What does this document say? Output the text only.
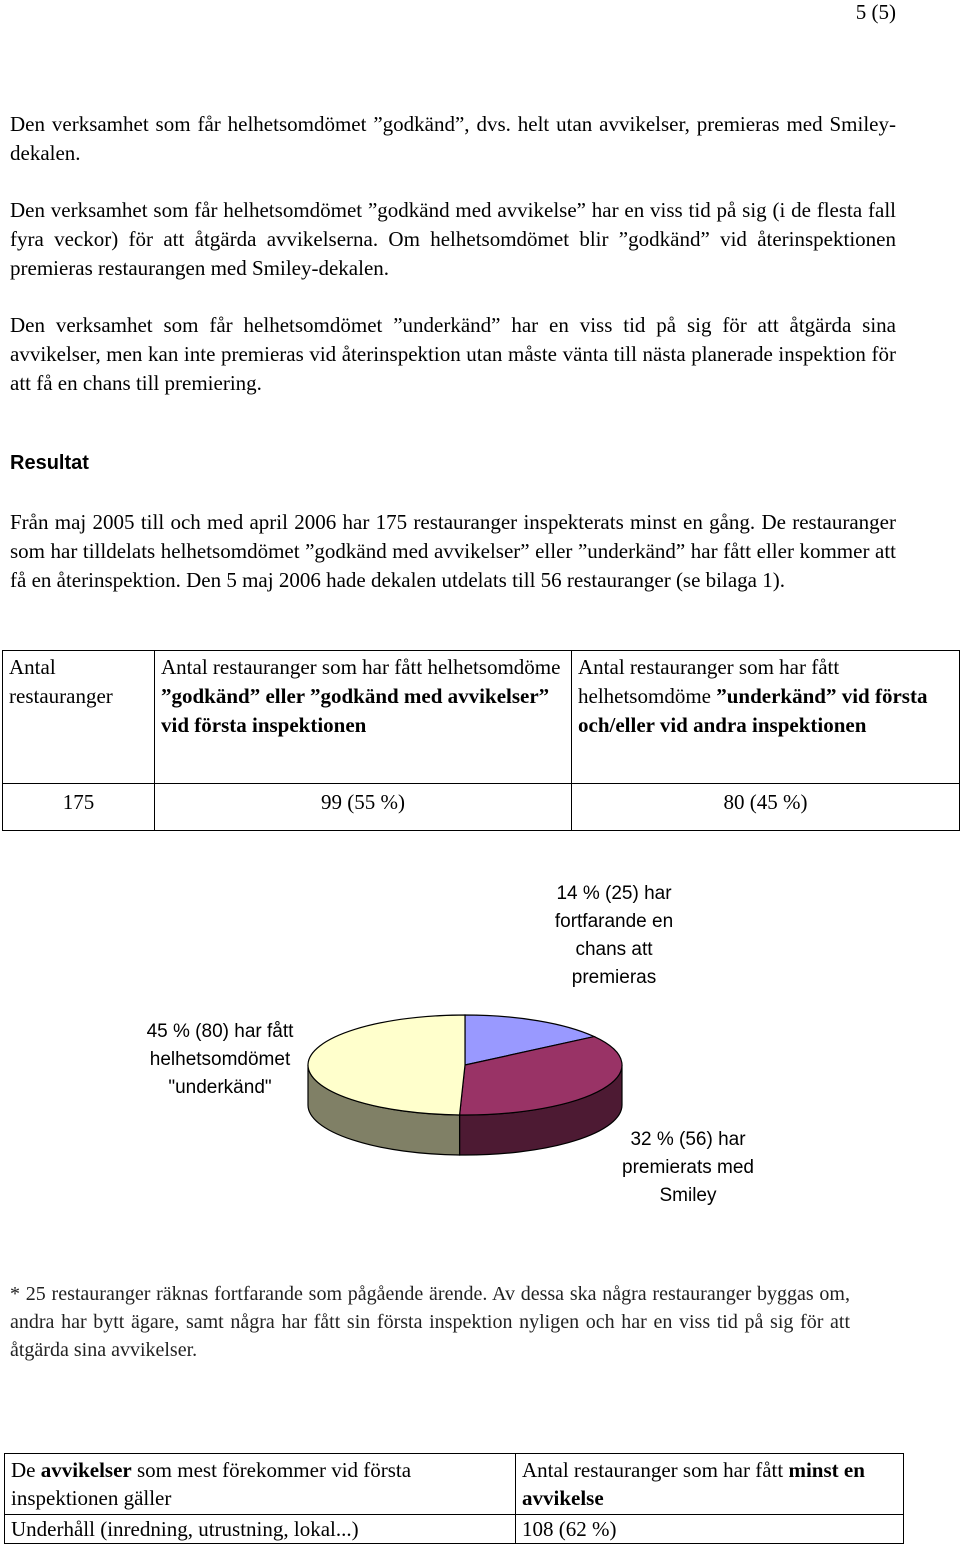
5 (5)
Den verksamhet som får helhetsomdömet ”godkänd”, dvs. helt utan avvikelser, premieras med Smiley-dekalen.
Den verksamhet som får helhetsomdömet ”godkänd med avvikelse” har en viss tid på sig (i de flesta fall fyra veckor) för att åtgärda avvikelserna. Om helhetsomdömet blir ”godkänd” vid återinspektionen premieras restaurangen med Smiley-dekalen.
Den verksamhet som får helhetsomdömet ”underkänd” har en viss tid på sig för att åtgärda sina avvikelser, men kan inte premieras vid återinspektion utan måste vänta till nästa planerade inspektion för att få en chans till premiering.
Resultat
Från maj 2005 till och med april 2006 har 175 restauranger inspekterats minst en gång. De restauranger som har tilldelats helhetsomdömet ”godkänd med avvikelser” eller ”underkänd” har fått eller kommer att få en återinspektion. Den 5 maj 2006 hade dekalen utdelats till 56 restauranger (se bilaga 1).
Antal restauranger	Antal restauranger som har fått helhetsomdöme ”godkänd” eller ”godkänd med avvikelser” vid första inspektionen	Antal restauranger som har fått helhetsomdöme ”underkänd” vid första och/eller vid andra inspektionen
175	99 (55 %)	80 (45 %)
14 % (25) har fortfarande en chans att premieras
32 % (56) har premierats med Smiley
45 % (80) har fått helhetsomdömet "underkänd"
* 25 restauranger räknas fortfarande som pågående ärende. Av dessa ska några restauranger byggas om, andra har bytt ägare, samt några har fått sin första inspektion nyligen och har en viss tid på sig för att åtgärda sina avvikelser.
De avvikelser som mest förekommer vid första inspektionen gäller	Antal restauranger som har fått minst en avvikelse
Underhåll (inredning, utrustning, lokal...)	108 (62 %)
